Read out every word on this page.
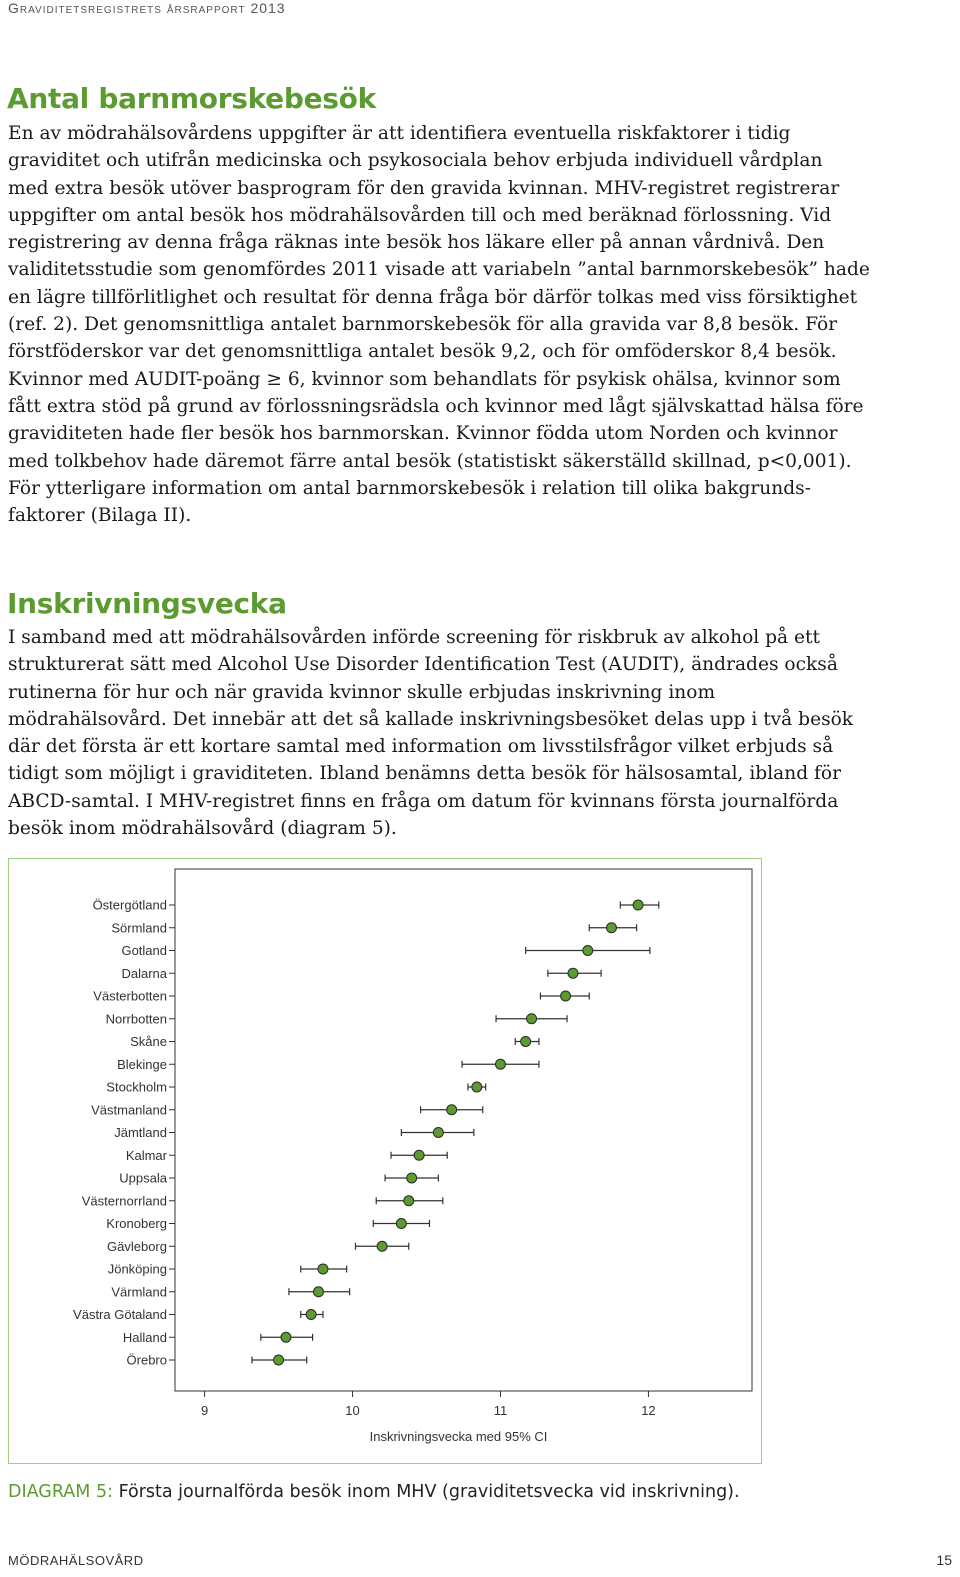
Graviditetsregistrets årsrapport 2013
Antal barnmorskebesök
En av mödrahälsovårdens uppgifter är att identifiera eventuella riskfaktorer i tidig
graviditet och utifrån medicinska och psykosociala behov erbjuda individuell vårdplan
med extra besök utöver basprogram för den gravida kvinnan. MHV-registret registrerar
uppgifter om antal besök hos mödrahälsovården till och med beräknad förlossning. Vid
registrering av denna fråga räknas inte besök hos läkare eller på annan vårdnivå. Den
validitetsstudie som genomfördes 2011 visade att variabeln ”antal barnmorskebesök” hade
en lägre tillförlitlighet och resultat för denna fråga bör därför tolkas med viss försiktighet
(ref. 2). Det genomsnittliga antalet barnmorskebesök för alla gravida var 8,8 besök. För
förstföderskor var det genomsnittliga antalet besök 9,2, och för omföderskor 8,4 besök.
Kvinnor med AUDIT-poäng ≥ 6, kvinnor som behandlats för psykisk ohälsa, kvinnor som
fått extra stöd på grund av förlossningsrädsla och kvinnor med lågt självskattad hälsa före
graviditeten hade fler besök hos barnmorskan. Kvinnor födda utom Norden och kvinnor
med tolkbehov hade däremot färre antal besök (statistiskt säkerställd skillnad, p<0,001).
För ytterligare information om antal barnmorskebesök i relation till olika bakgrunds-
faktorer (Bilaga II).
Inskrivningsvecka
I samband med att mödrahälsovården införde screening för riskbruk av alkohol på ett
strukturerat sätt med Alcohol Use Disorder Identification Test (AUDIT), ändrades också
rutinerna för hur och när gravida kvinnor skulle erbjudas inskrivning inom
mödrahälsovård. Det innebär att det så kallade inskrivningsbesöket delas upp i två besök
där det första är ett kortare samtal med information om livsstilsfrågor vilket erbjuds så
tidigt som möjligt i graviditeten. Ibland benämns detta besök för hälsosamtal, ibland för
ABCD-samtal. I MHV-registret finns en fråga om datum för kvinnans första journalförda
besök inom mödrahälsovård (diagram 5).
Östergötland
Sörmland
Gotland
Dalarna
Västerbotten
Norrbotten
Skåne
Blekinge
Stockholm
Västmanland
Jämtland
Kalmar
Uppsala
Västernorrland
Kronoberg
Gävleborg
Jönköping
Värmland
Västra Götaland
Halland
Örebro
9	10	11	12
Inskrivningsvecka med 95% CI
DIAGRAM 5: Första journalförda besök inom MHV (graviditetsvecka vid inskrivning).
MÖDRAHÄLSOVÅRD	15
